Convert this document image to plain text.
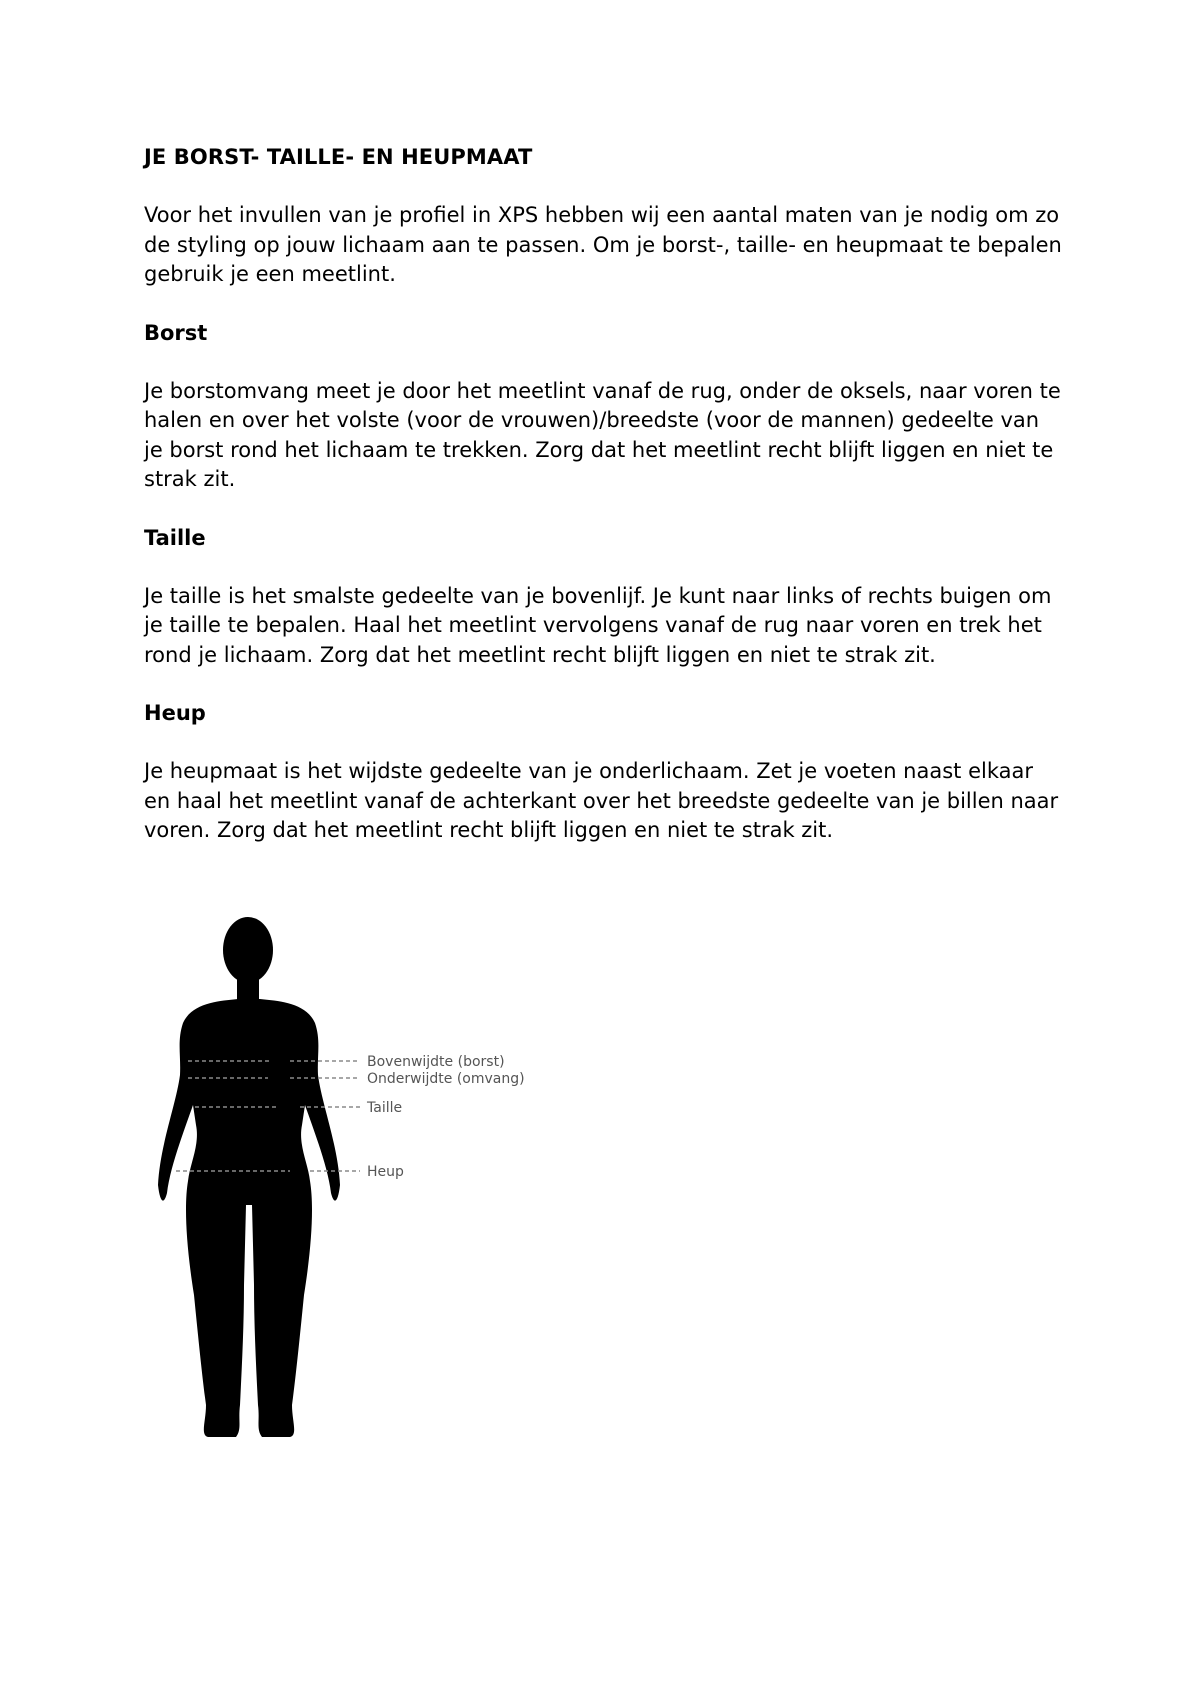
JE BORST- TAILLE- EN HEUPMAAT
Voor het invullen van je profiel in XPS hebben wij een aantal maten van je nodig om zo de styling op jouw lichaam aan te passen. Om je borst-, taille- en heupmaat te bepalen gebruik je een meetlint.
Borst
Je borstomvang meet je door het meetlint vanaf de rug, onder de oksels, naar voren te halen en over het volste (voor de vrouwen)/breedste (voor de mannen) gedeelte van je borst rond het lichaam te trekken. Zorg dat het meetlint recht blijft liggen en niet te strak zit.
Taille
Je taille is het smalste gedeelte van je bovenlijf. Je kunt naar links of rechts buigen om je taille te bepalen. Haal het meetlint vervolgens vanaf de rug naar voren en trek het rond je lichaam. Zorg dat het meetlint recht blijft liggen en niet te strak zit.
Heup
Je heupmaat is het wijdste gedeelte van je onderlichaam. Zet je voeten naast elkaar en haal het meetlint vanaf de achterkant over het breedste gedeelte van je billen naar voren. Zorg dat het meetlint recht blijft liggen en niet te strak zit.
Bovenwijdte (borst)
Onderwijdte (omvang)
Taille
Heup
